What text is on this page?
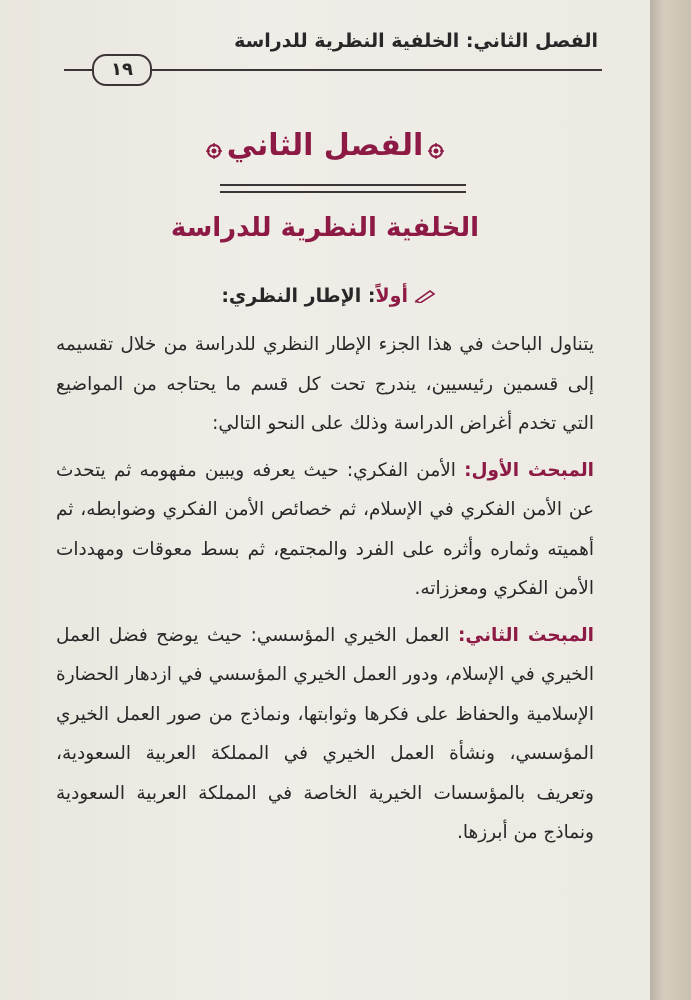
الفصل الثاني: الخلفية النظرية للدراسة
-	١٩
الفصل الثاني
الخلفية النظرية للدراسة
أولاً: الإطار النظري:

يتناول الباحث في هذا الجزء الإطار النظري للدراسة من خلال تقسيمه إلى قسمين رئيسيين، يندرج تحت كل قسم ما يحتاجه من المواضيع التي تخدم أغراض الدراسة وذلك على النحو التالي:

المبحث الأول: الأمن الفكري: حيث يعرفه ويبين مفهومه ثم يتحدث عن الأمن الفكري في الإسلام، ثم خصائص الأمن الفكري وضوابطه، ثم أهميته وثماره وأثره على الفرد والمجتمع، ثم بسط معوقات ومهددات الأمن الفكري ومعززاته.

المبحث الثاني: العمل الخيري المؤسسي: حيث يوضح فضل العمل الخيري في الإسلام، ودور العمل الخيري المؤسسي في ازدهار الحضارة الإسلامية والحفاظ على فكرها وثوابتها، ونماذج من صور العمل الخيري المؤسسي، ونشأة العمل الخيري في المملكة العربية السعودية، وتعريف بالمؤسسات الخيرية الخاصة في المملكة العربية السعودية ونماذج من أبرزها.
